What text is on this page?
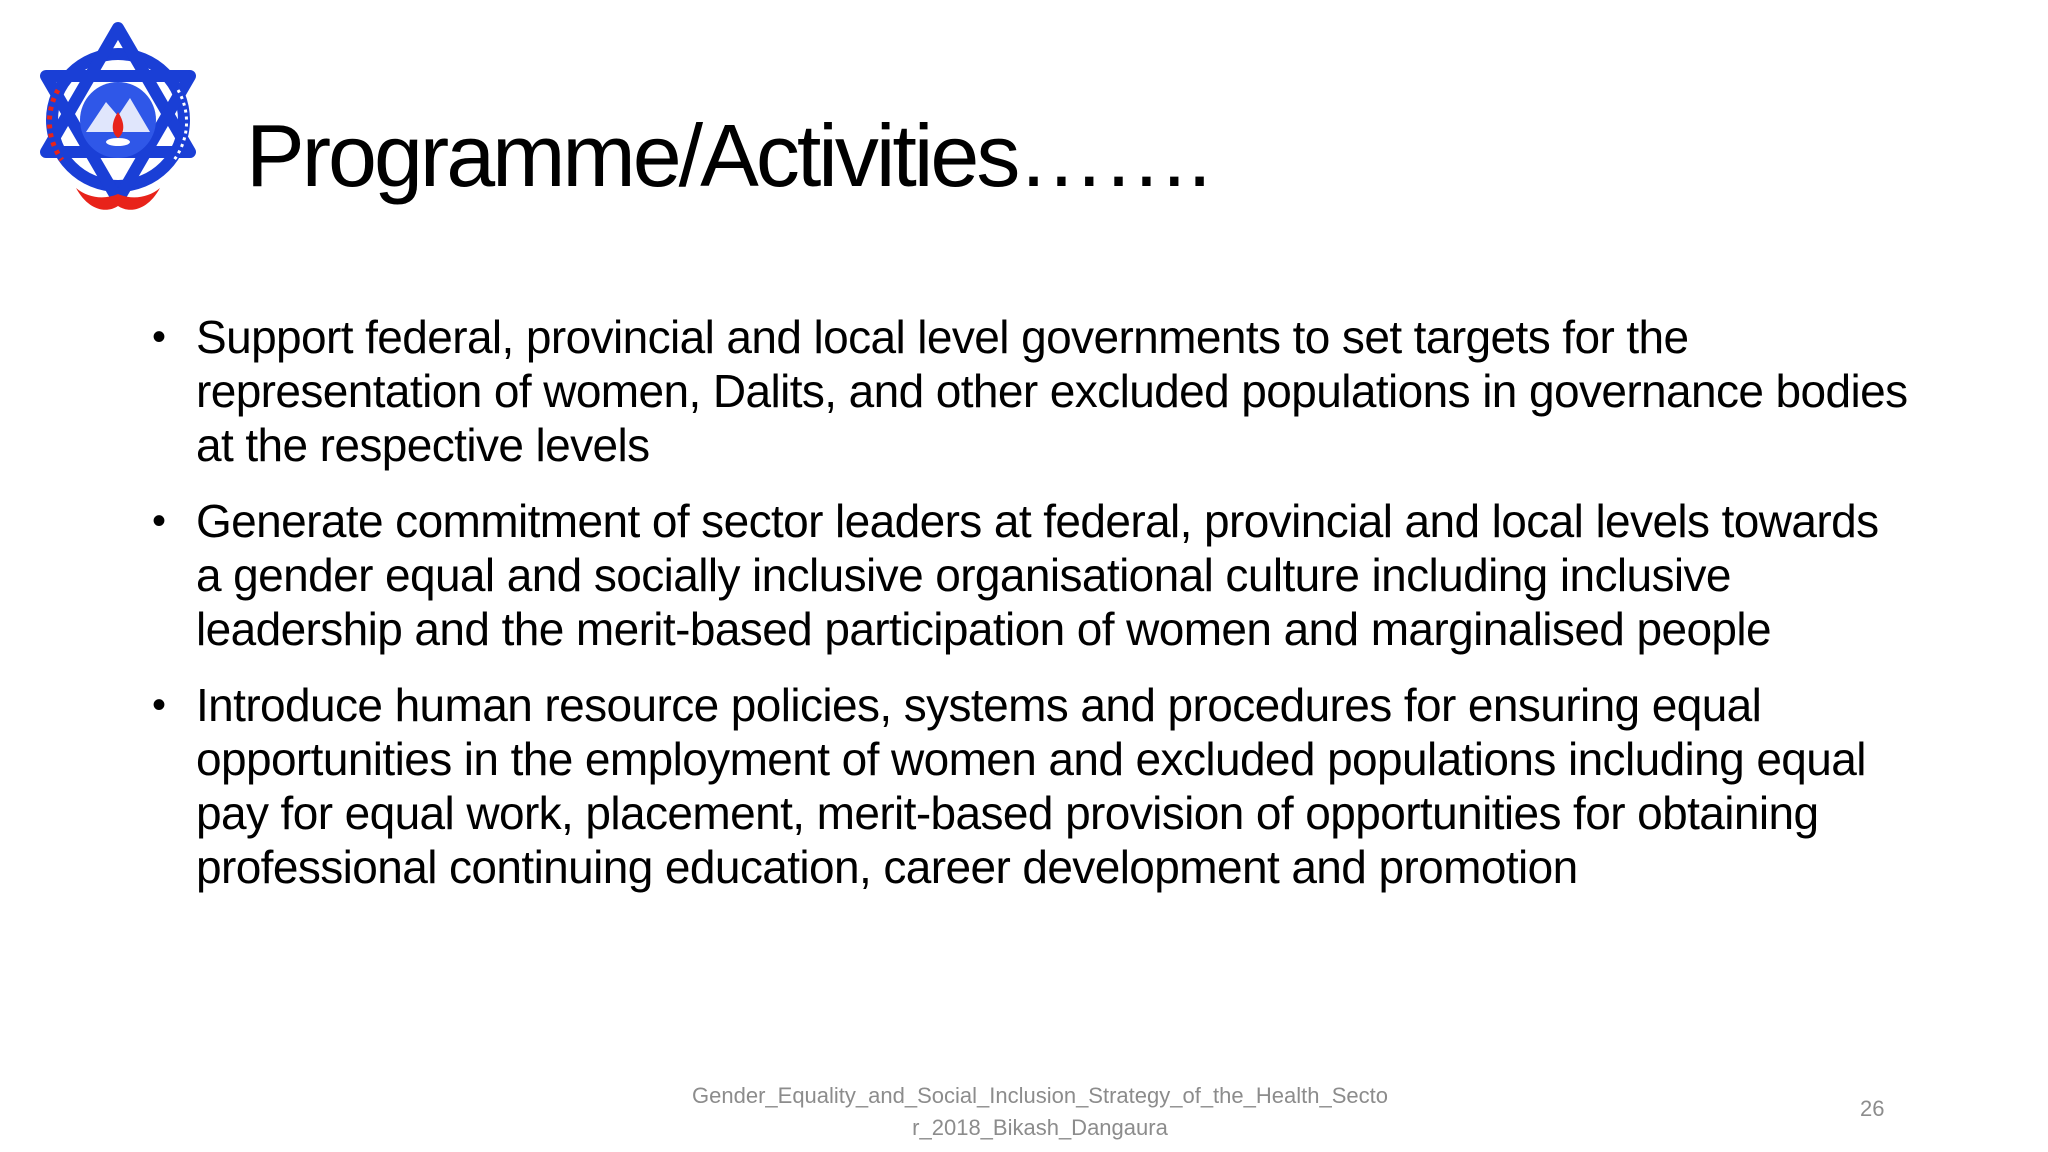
Programme/Activities…….
• Support federal, provincial and local level governments to set targets for the representation of women, Dalits, and other excluded populations in governance bodies at the respective levels
• Generate commitment of sector leaders at federal, provincial and local levels towards a gender equal and socially inclusive organisational culture including inclusive leadership and the merit-based participation of women and marginalised people
• Introduce human resource policies, systems and procedures for ensuring equal opportunities in the employment of women and excluded populations including equal pay for equal work, placement, merit-based provision of opportunities for obtaining professional continuing education, career development and promotion
Gender_Equality_and_Social_Inclusion_Strategy_of_the_Health_Sector_2018_Bikash_Dangaura
26
